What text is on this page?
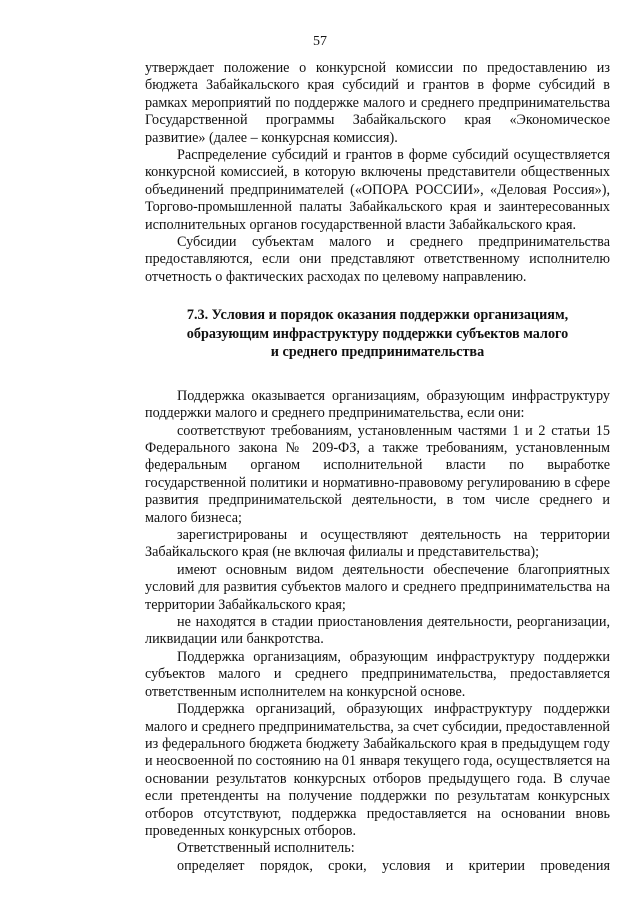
57

утверждает положение о конкурсной комиссии по предоставлению из бюджета Забайкальского края субсидий и грантов в форме субсидий в рамках мероприятий по поддержке малого и среднего предпринимательства Государственной программы Забайкальского края «Экономическое развитие» (далее – конкурсная комиссия).

Распределение субсидий и грантов в форме субсидий осуществляется конкурсной комиссией, в которую включены представители общественных объединений предпринимателей («ОПОРА РОССИИ», «Деловая Россия»), Торгово-промышленной палаты Забайкальского края и заинтересованных исполнительных органов государственной власти Забайкальского края.

Субсидии субъектам малого и среднего предпринимательства предоставляются, если они представляют ответственному исполнителю отчетность о фактических расходах по целевому направлению.

7.3. Условия и порядок оказания поддержки организациям,
образующим инфраструктуру поддержки субъектов малого
и среднего предпринимательства

Поддержка оказывается организациям, образующим инфраструктуру поддержки малого и среднего предпринимательства, если они:

соответствуют требованиям, установленным частями 1 и 2 статьи 15 Федерального закона № 209-ФЗ, а также требованиям, установленным федеральным органом исполнительной власти по выработке государственной политики и нормативно-правовому регулированию в сфере развития предпринимательской деятельности, в том числе среднего и малого бизнеса;

зарегистрированы и осуществляют деятельность на территории Забайкальского края (не включая филиалы и представительства);

имеют основным видом деятельности обеспечение благоприятных условий для развития субъектов малого и среднего предпринимательства на территории Забайкальского края;

не находятся в стадии приостановления деятельности, реорганизации, ликвидации или банкротства.

Поддержка организациям, образующим инфраструктуру поддержки субъектов малого и среднего предпринимательства, предоставляется ответственным исполнителем на конкурсной основе.

Поддержка организаций, образующих инфраструктуру поддержки малого и среднего предпринимательства, за счет субсидии, предоставленной из федерального бюджета бюджету Забайкальского края в предыдущем году и неосвоенной по состоянию на 01 января текущего года, осуществляется на основании результатов конкурсных отборов предыдущего года. В случае если претенденты на получение поддержки по результатам конкурсных отборов отсутствуют, поддержка предоставляется на основании вновь проведенных конкурсных отборов.

Ответственный исполнитель:

определяет порядок, сроки, условия и критерии проведения
